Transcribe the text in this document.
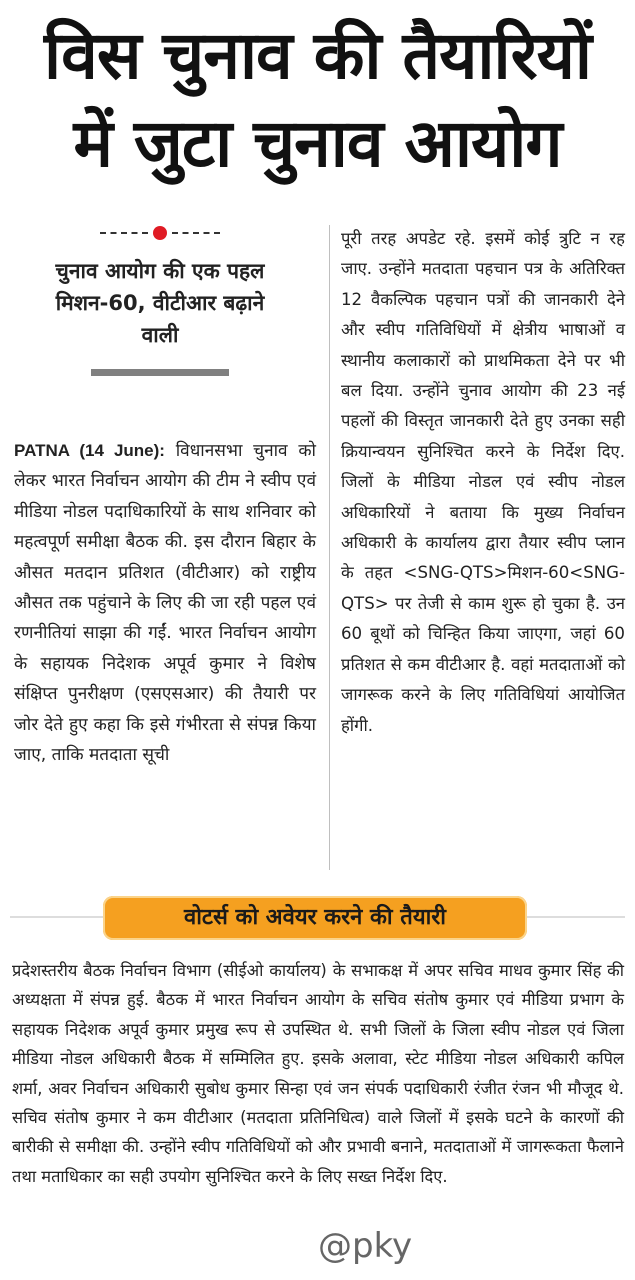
विस चुनाव की तैयारियों
में जुटा चुनाव आयोग
चुनाव आयोग की एक पहल
मिशन-60, वीटीआर बढ़ाने
वाली
PATNA (14 June): विधानसभा चुनाव को लेकर भारत निर्वाचन आयोग की टीम ने स्वीप एवं मीडिया नोडल पदाधिकारियों के साथ शनिवार को महत्वपूर्ण समीक्षा बैठक की. इस दौरान बिहार के औसत मतदान प्रतिशत (वीटीआर) को राष्ट्रीय औसत तक पहुंचाने के लिए की जा रही पहल एवं रणनीतियां साझा की गईं. भारत निर्वाचन आयोग के सहायक निदेशक अपूर्व कुमार ने विशेष संक्षिप्त पुनरीक्षण (एसएसआर) की तैयारी पर जोर देते हुए कहा कि इसे गंभीरता से संपन्न किया जाए, ताकि मतदाता सूची
पूरी तरह अपडेट रहे. इसमें कोई त्रुटि न रह जाए. उन्होंने मतदाता पहचान पत्र के अतिरिक्त 12 वैकल्पिक पहचान पत्रों की जानकारी देने और स्वीप गतिविधियों में क्षेत्रीय भाषाओं व स्थानीय कलाकारों को प्राथमिकता देने पर भी बल दिया. उन्होंने चुनाव आयोग की 23 नई पहलों की विस्तृत जानकारी देते हुए उनका सही क्रियान्वयन सुनिश्चित करने के निर्देश दिए. जिलों के मीडिया नोडल एवं स्वीप नोडल अधिकारियों ने बताया कि मुख्य निर्वाचन अधिकारी के कार्यालय द्वारा तैयार स्वीप प्लान के तहत <SNG-QTS>मिशन-60<SNG-QTS> पर तेजी से काम शुरू हो चुका है. उन 60 बूथों को चिन्हित किया जाएगा, जहां 60 प्रतिशत से कम वीटीआर है. वहां मतदाताओं को जागरूक करने के लिए गतिविधियां आयोजित होंगी.
वोटर्स को अवेयर करने की तैयारी
प्रदेशस्तरीय बैठक निर्वाचन विभाग (सीईओ कार्यालय) के सभाकक्ष में अपर सचिव माधव कुमार सिंह की अध्यक्षता में संपन्न हुई. बैठक में भारत निर्वाचन आयोग के सचिव संतोष कुमार एवं मीडिया प्रभाग के सहायक निदेशक अपूर्व कुमार प्रमुख रूप से उपस्थित थे. सभी जिलों के जिला स्वीप नोडल एवं जिला मीडिया नोडल अधिकारी बैठक में सम्मिलित हुए. इसके अलावा, स्टेट मीडिया नोडल अधिकारी कपिल शर्मा, अवर निर्वाचन अधिकारी सुबोध कुमार सिन्हा एवं जन संपर्क पदाधिकारी रंजीत रंजन भी मौजूद थे. सचिव संतोष कुमार ने कम वीटीआर (मतदाता प्रतिनिधित्व) वाले जिलों में इसके घटने के कारणों की बारीकी से समीक्षा की. उन्होंने स्वीप गतिविधियों को और प्रभावी बनाने, मतदाताओं में जागरूकता फैलाने तथा मताधिकार का सही उपयोग सुनिश्चित करने के लिए सख्त निर्देश दिए.
@pky
